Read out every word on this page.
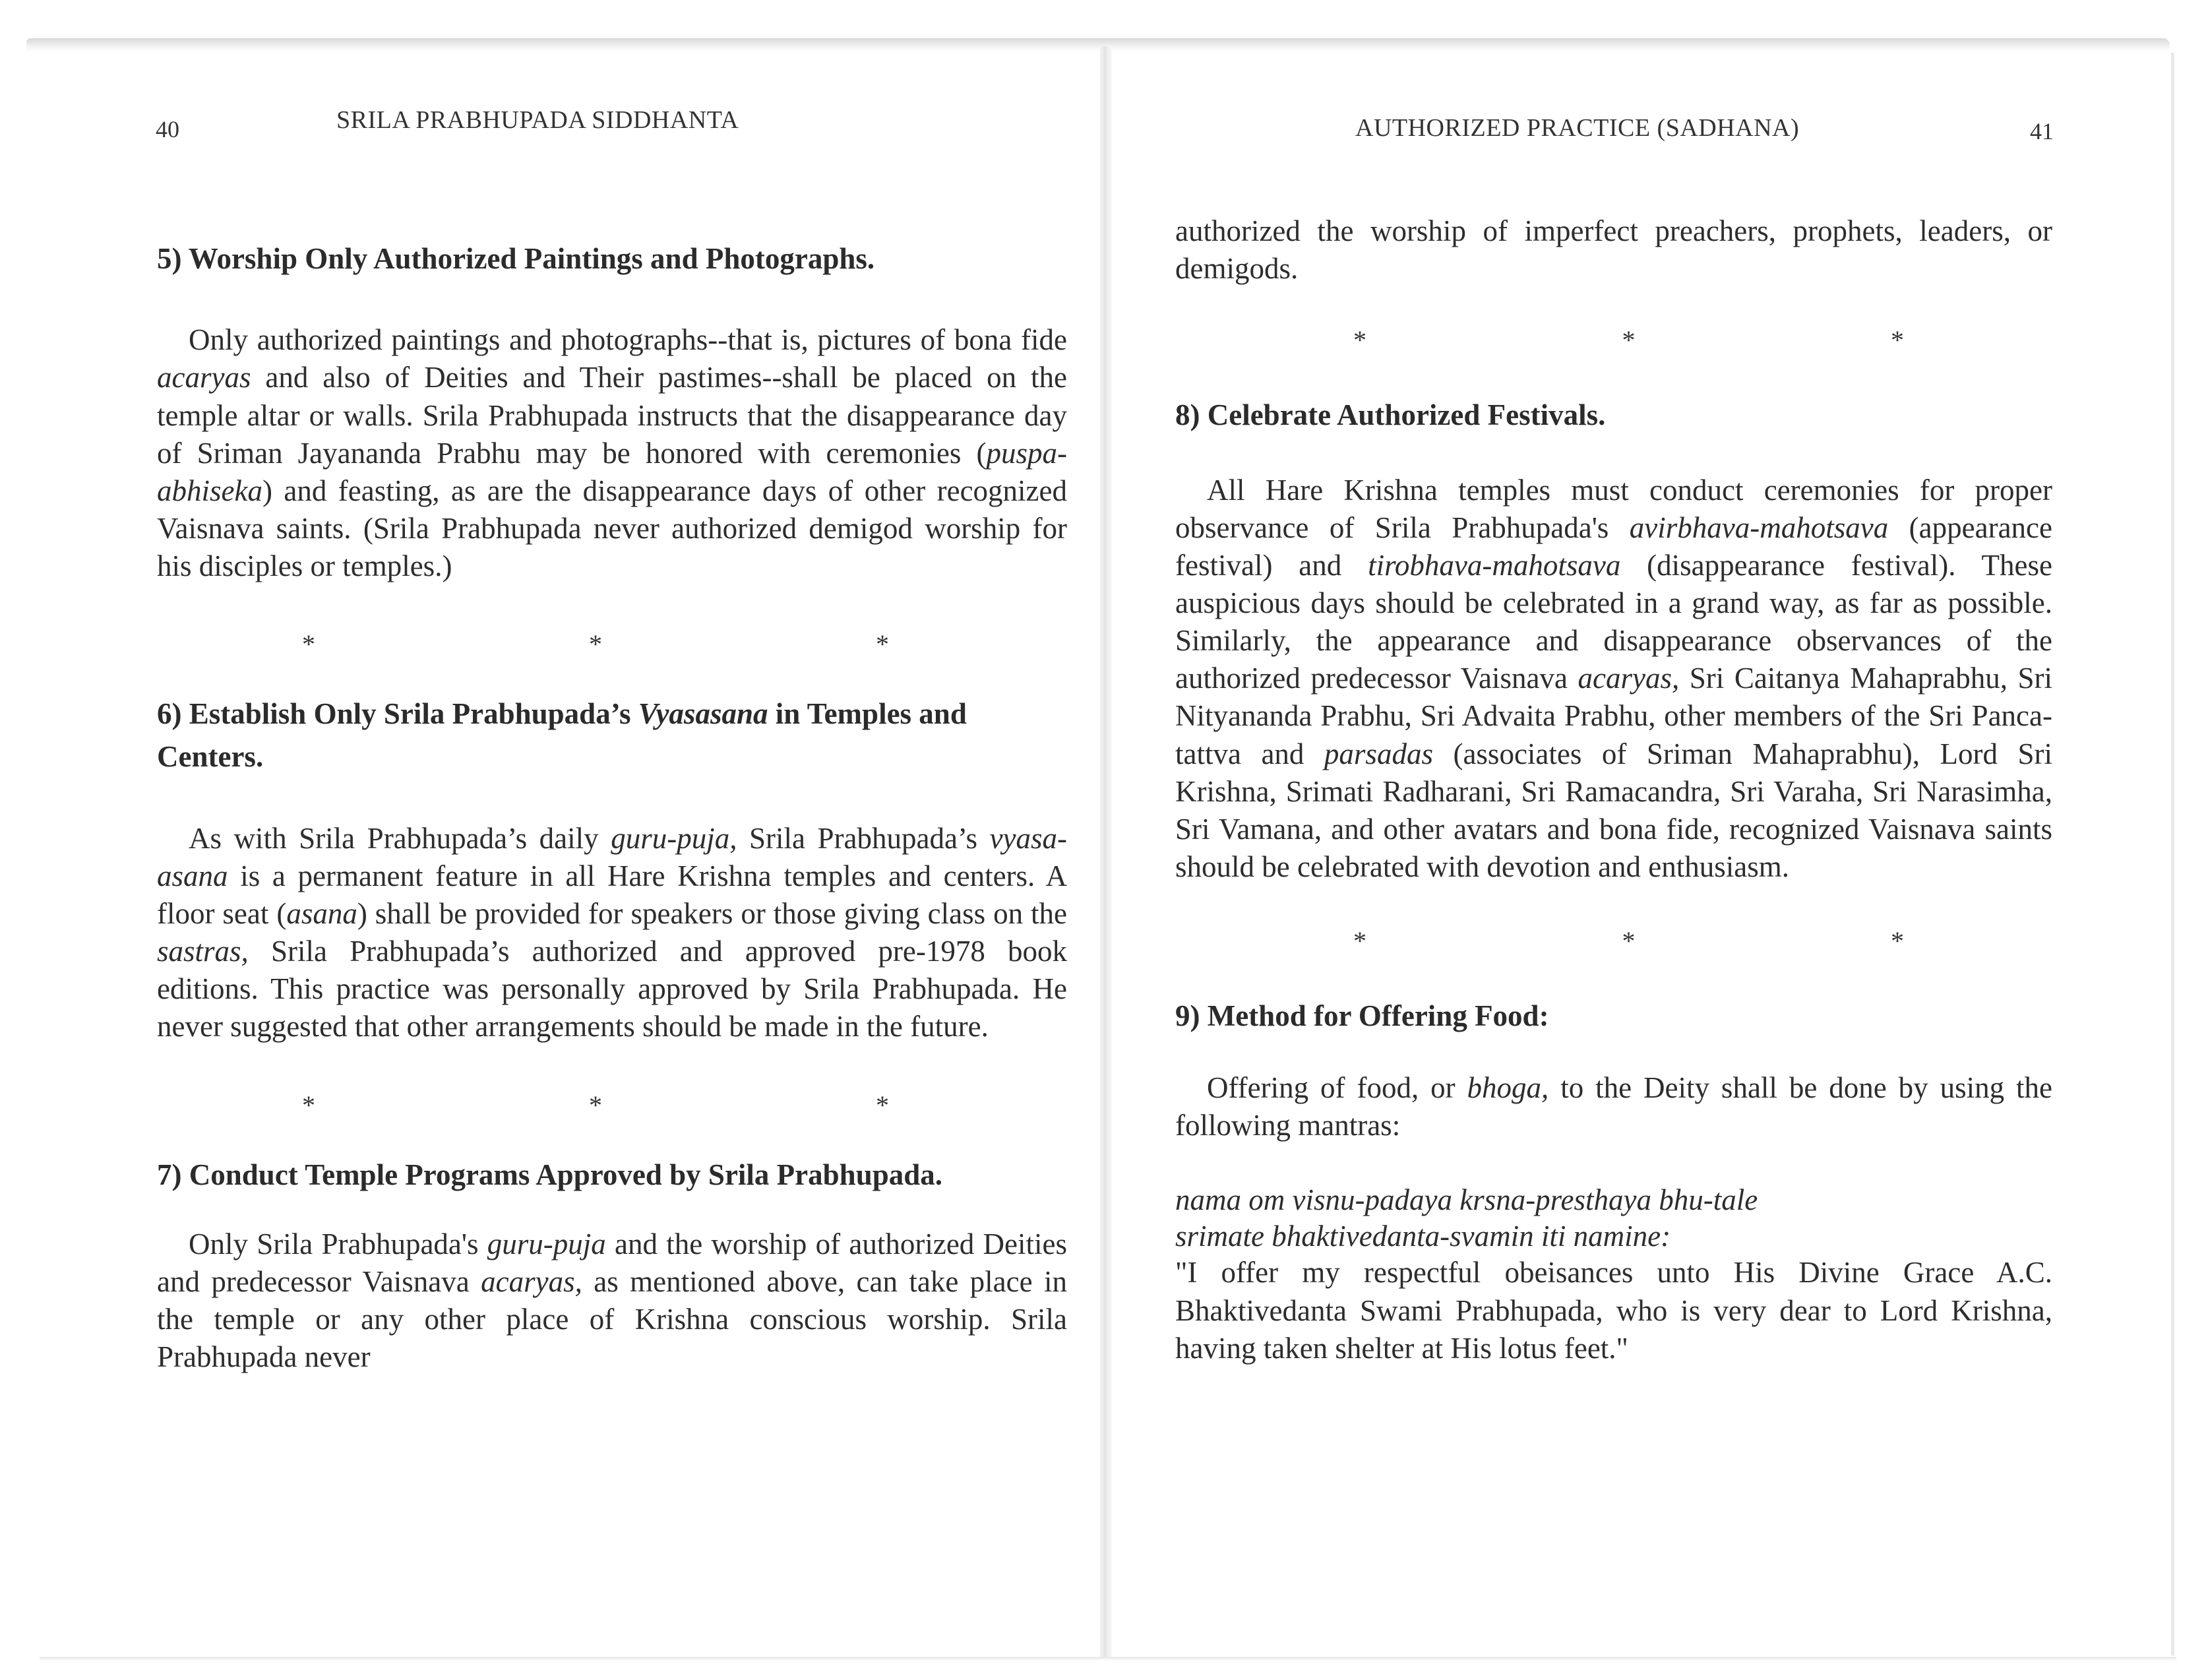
40	SRILA PRABHUPADA SIDDHANTA
5) Worship Only Authorized Paintings and Photographs.

Only authorized paintings and photographs--that is, pictures of bona fide acaryas and also of Deities and Their pastimes--shall be placed on the temple altar or walls. Srila Prabhupada instructs that the disappearance day of Sriman Jayananda Prabhu may be honored with ceremonies (puspa-abhiseka) and feasting, as are the disappearance days of other recognized Vaisnava saints. (Srila Prabhupada never authorized demigod worship for his disciples or temples.)

*	*	*
6) Establish Only Srila Prabhupada’s Vyasasana in Temples and Centers.

As with Srila Prabhupada’s daily guru-puja, Srila Prabhupada’s vyasa-asana is a permanent feature in all Hare Krishna temples and centers. A floor seat (asana) shall be provided for speakers or those giving class on the sastras, Srila Prabhupada’s authorized and approved pre-1978 book editions. This practice was personally approved by Srila Prabhupada. He never suggested that other arrangements should be made in the future.

*	*	*
7) Conduct Temple Programs Approved by Srila Prabhupada.

Only Srila Prabhupada's guru-puja and the worship of authorized Deities and predecessor Vaisnava acaryas, as mentioned above, can take place in the temple or any other place of Krishna conscious worship. Srila Prabhupada never

AUTHORIZED PRACTICE (SADHANA)	41

authorized the worship of imperfect preachers, prophets, leaders, or demigods.

*	*	*
8) Celebrate Authorized Festivals.

All Hare Krishna temples must conduct ceremonies for proper observance of Srila Prabhupada's avirbhava-mahotsava (appearance festival) and tirobhava-mahotsava (disappearance festival). These auspicious days should be celebrated in a grand way, as far as possible. Similarly, the appearance and disappearance observances of the authorized predecessor Vaisnava acaryas, Sri Caitanya Mahaprabhu, Sri Nityananda Prabhu, Sri Advaita Prabhu, other members of the Sri Panca-tattva and parsadas (associates of Sriman Mahaprabhu), Lord Sri Krishna, Srimati Radharani, Sri Ramacandra, Sri Varaha, Sri Narasimha, Sri Vamana, and other avatars and bona fide, recognized Vaisnava saints should be celebrated with devotion and enthusiasm.

*	*	*
9) Method for Offering Food:

Offering of food, or bhoga, to the Deity shall be done by using the following mantras:

nama om visnu-padaya krsna-presthaya bhu-tale
srimate bhaktivedanta-svamin iti namine:
"I offer my respectful obeisances unto His Divine Grace A.C. Bhaktivedanta Swami Prabhupada, who is very dear to Lord Krishna, having taken shelter at His lotus feet."
